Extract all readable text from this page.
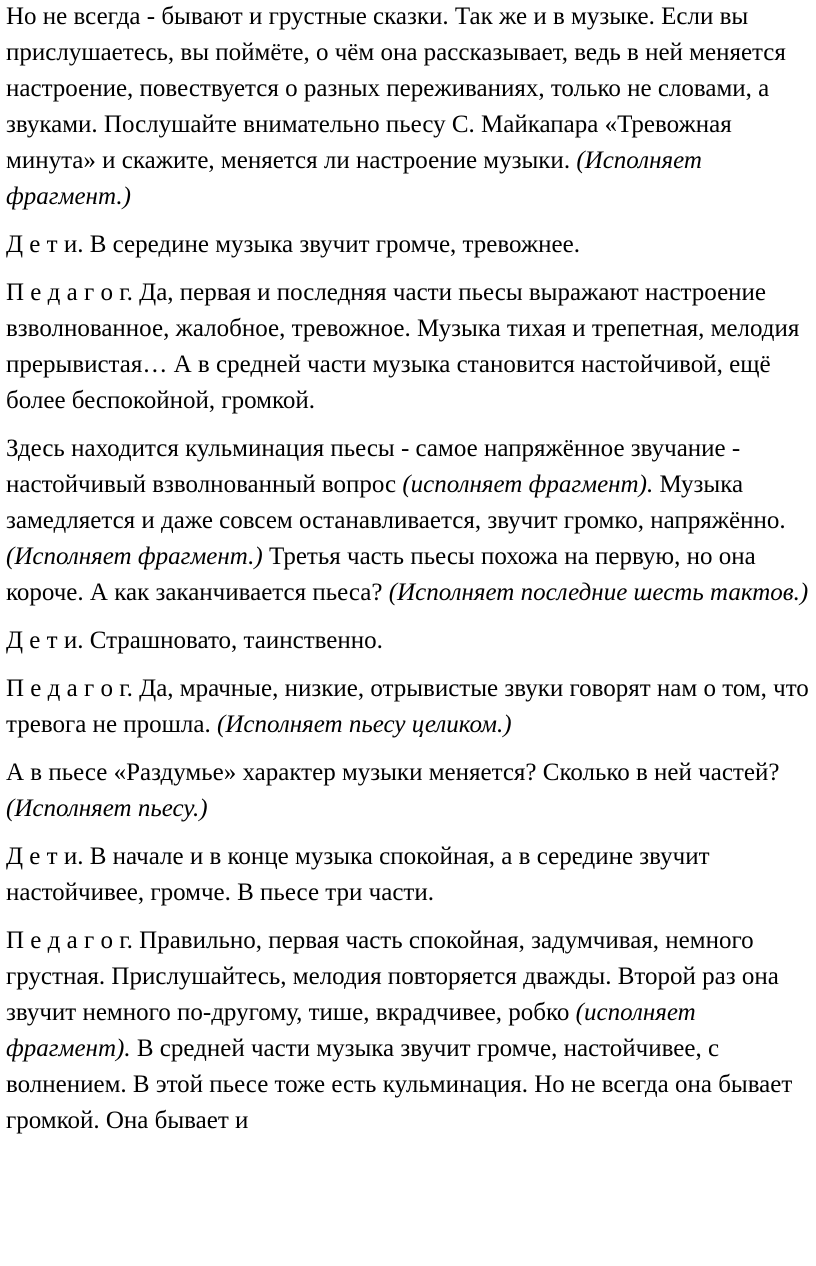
Но не всегда - бывают и грустные сказки. Так же и в музыке. Если вы прислушаетесь, вы поймёте, о чём она рассказывает, ведь в ней меняется настроение, повествуется о разных переживаниях, только не словами, а звуками. Послушайте внимательно пьесу С. Майкапара «Тревожная минута» и скажите, меняется ли настроение музыки. (Исполняет фрагмент.)

Д е т и. В середине музыка звучит громче, тревожнее.

П е д а г о г. Да, первая и последняя части пьесы выражают настроение взволнованное, жалобное, тревожное. Музыка тихая и трепетная, мелодия прерывистая… А в средней части музыка становится настойчивой, ещё более беспокойной, громкой.

Здесь находится кульминация пьесы - самое напряжённое звучание - настойчивый взволнованный вопрос (исполняет фрагмент). Музыка замедляется и даже совсем останавливается, звучит громко, напряжённо. (Исполняет фрагмент.) Третья часть пьесы похожа на первую, но она короче. А как заканчивается пьеса? (Исполняет последние шесть тактов.)

Д е т и. Страшновато, таинственно.

П е д а г о г. Да, мрачные, низкие, отрывистые звуки говорят нам о том, что тревога не прошла. (Исполняет пьесу целиком.)

А в пьесе «Раздумье» характер музыки меняется? Сколько в ней частей? (Исполняет пьесу.)

Д е т и. В начале и в конце музыка спокойная, а в середине звучит настойчивее, громче. В пьесе три части.

П е д а г о г. Правильно, первая часть спокойная, задумчивая, немного грустная. Прислушайтесь, мелодия повторяется дважды. Второй раз она звучит немного по-другому, тише, вкрадчивее, робко (исполняет фрагмент). В средней части музыка звучит громче, настойчивее, с волнением. В этой пьесе тоже есть кульминация. Но не всегда она бывает громкой. Она бывает и
